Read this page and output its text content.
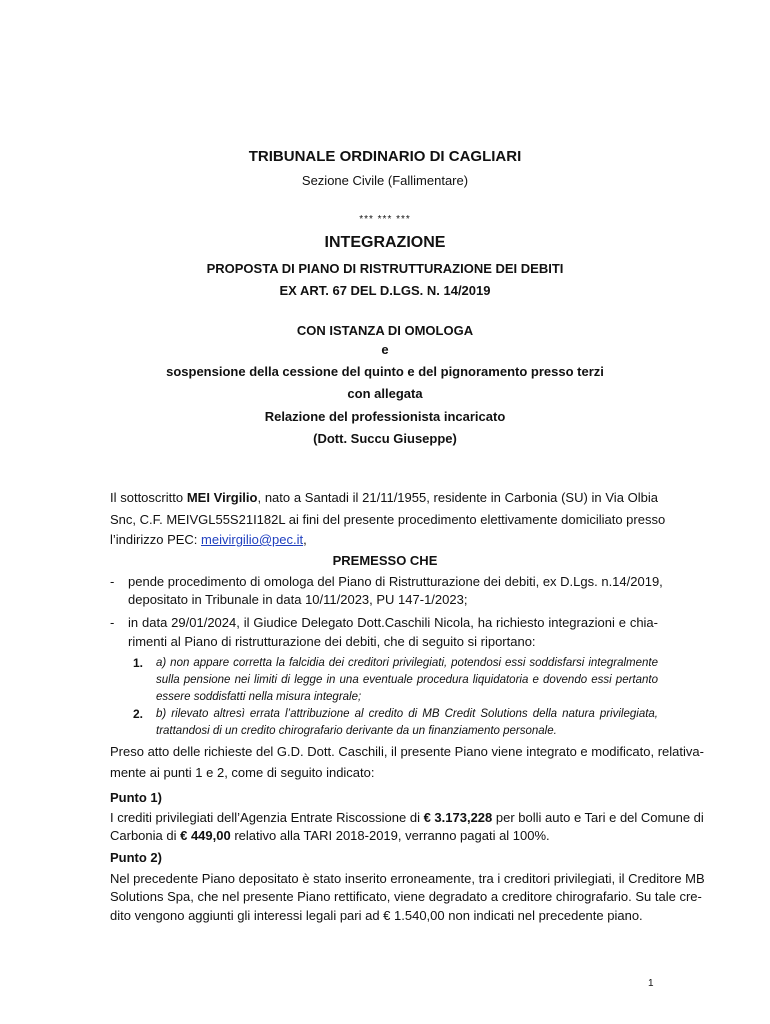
TRIBUNALE ORDINARIO DI CAGLIARI
Sezione Civile (Fallimentare)
*** *** ***
INTEGRAZIONE
PROPOSTA DI PIANO DI RISTRUTTURAZIONE DEI DEBITI
EX ART. 67 DEL D.LGS. N. 14/2019
CON ISTANZA DI OMOLOGA
e
sospensione della cessione del quinto e del pignoramento presso terzi
con allegata
Relazione del professionista incaricato
(Dott. Succu Giuseppe)
Il sottoscritto MEI Virgilio, nato a Santadi il 21/11/1955, residente in Carbonia (SU) in Via Olbia
Snc, C.F. MEIVGL55S21I182L ai fini del presente procedimento elettivamente domiciliato presso
l’indirizzo PEC: meivirgilio@pec.it,
PREMESSO CHE
- pende procedimento di omologa del Piano di Ristrutturazione dei debiti, ex D.Lgs. n.14/2019,
depositato in Tribunale in data 10/11/2023, PU 147-1/2023;
- in data 29/01/2024, il Giudice Delegato Dott.Caschili Nicola, ha richiesto integrazioni e chia-
rimenti al Piano di ristrutturazione dei debiti, che di seguito si riportano:
1. a) non appare corretta la falcidia dei creditori privilegiati, potendosi essi soddisfarsi integralmente
sulla pensione nei limiti di legge in una eventuale procedura liquidatoria e dovendo essi pertanto
essere soddisfatti nella misura integrale;
2. b) rilevato altresì errata l’attribuzione al credito di MB Credit Solutions della natura privilegiata,
trattandosi di un credito chirografario derivante da un finanziamento personale.
Preso atto delle richieste del G.D. Dott. Caschili, il presente Piano viene integrato e modificato, relativa-
mente ai punti 1 e 2, come di seguito indicato:
Punto 1)
I crediti privilegiati dell’Agenzia Entrate Riscossione di € 3.173,228 per bolli auto e Tari e del Comune di
Carbonia di € 449,00 relativo alla TARI 2018-2019, verranno pagati al 100%.
Punto 2)
Nel precedente Piano depositato è stato inserito erroneamente, tra i creditori privilegiati, il Creditore MB
Solutions Spa, che nel presente Piano rettificato, viene degradato a creditore chirografario. Su tale cre-
dito vengono aggiunti gli interessi legali pari ad € 1.540,00 non indicati nel precedente piano.
1
